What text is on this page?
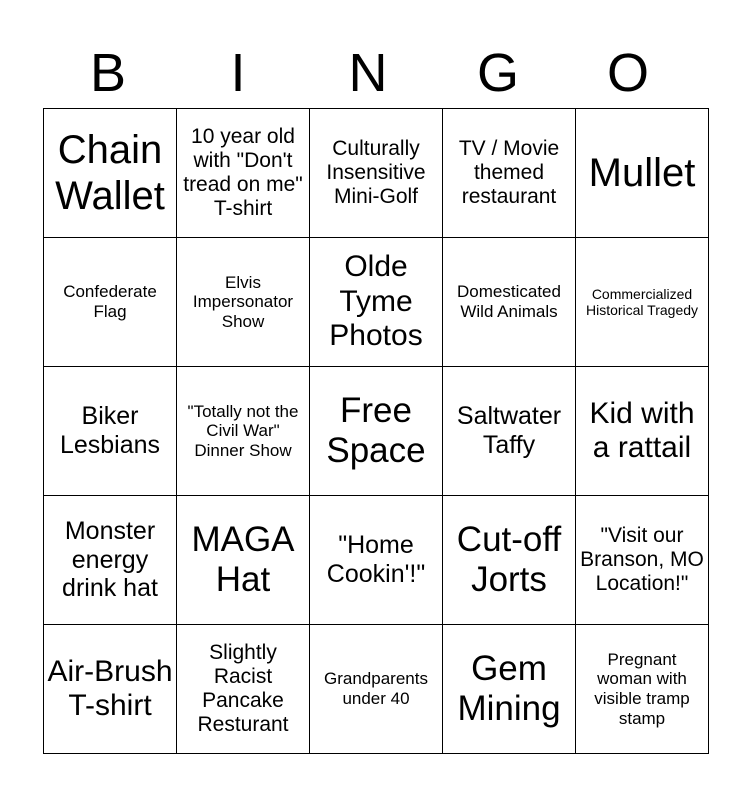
B	I	N	G	O
Chain Wallet	10 year old with "Don't tread on me" T-shirt	Culturally Insensitive Mini-Golf	TV / Movie themed restaurant	Mullet
Confederate Flag	Elvis Impersonator Show	Olde Tyme Photos	Domesticated Wild Animals	Commercialized Historical Tragedy
Biker Lesbians	"Totally not the Civil War" Dinner Show	Free Space	Saltwater Taffy	Kid with a rattail
Monster energy drink hat	MAGA Hat	"Home Cookin'!"	Cut-off Jorts	"Visit our Branson, MO Location!"
Air-Brush T-shirt	Slightly Racist Pancake Resturant	Grandparents under 40	Gem Mining	Pregnant woman with visible tramp stamp
